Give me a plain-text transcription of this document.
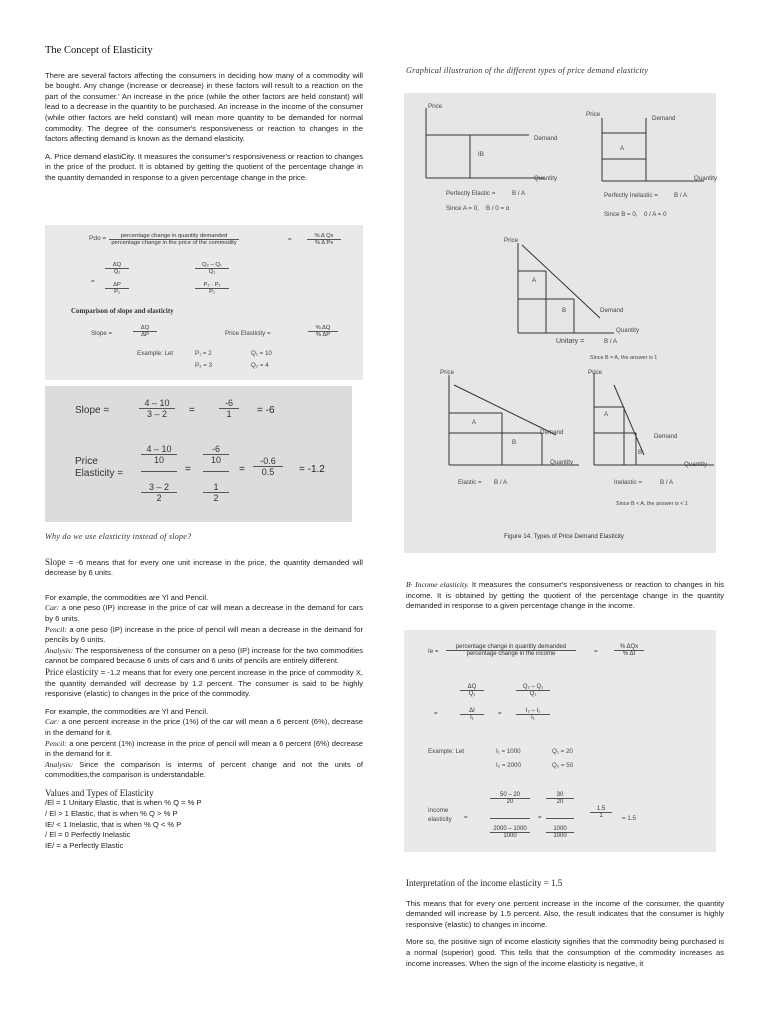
The Concept of Elasticity

There are several factors affecting the consumers in deciding how many of a commodity will be bought. Any change (increase or decrease) in these factors will result to a reaction on the part of the consumer.' An increase in the price (while the other factors are held constant) will lead to a decrease in the quantity to be purchased. An increase in the income of the consumer (while other factors are held constant) will mean more quantity to be demanded for normal commodity. The degree of the consumer's responsiveness or reaction to changes in the factors affecting demand is known as the demand elasticity.

A. Price demand elastiCity. It measures the consumer's responsiveness or reaction to changes in the price of the product. It is obtained by getting the quotient of the percentage change in the quantity demanded in response to a given percentage change in the price.

Pdo =	percentage change in quantity demanded
percentage change in the price of the commodity	=	$\frac{\text{\% Δ Qx}}{\text{\% Δ Px}}$
$\frac{\Delta Q}{\text{Q₁}}$
=
$\frac{\Delta P}{\text{P₁}}$
$\frac{\text{Q₂ – Q₁}}{\text{Q₁}}$
$\frac{\text{P₂ · P₁}}{\text{P₁}}$
Comparison of slope and elasticity
Slope =	$\frac{\Delta Q}{\Delta P}$	Price Elasticity =	$\frac{\% \Delta Q}{\% \Delta P}$
Example: Let	P₁ = 2
P₂ = 3
Q₁ = 10
Q₂ = 4
Slope =	$\frac{4 - 10}{3 - 2}$ =	$\frac{-6}{1} = -6$
Price
Elasticity =
$\frac{4 - 10}{10}$
$\frac{3 - 2}{2}$
=
$\frac{-6}{10}$
$\frac{1}{2}$
= $\frac{-0.6}{0.5} = -1.2$
Why do we use elasticity instead of slope?

Slope = -6 means that for every one unit increase in the price, the quantity demanded will decrease by 6 units.

For example, the commodities are Yl and Pencil.

Car: a one peso (IP) increase in the price of car will mean a decrease in the demand for cars by 6 units.

Pencil: a one peso (IP) increase in the price of pencil will mean a decrease in the demand for pencils by 6 units.

Analysis: The responsiveness of the consumer on a peso (IP) increase for the two commodities cannot be compared because 6 units of cars and 6 units of pencils are entirely different.

Price elasticity = -1.2 means that for every one percent increase in the price of commodity X, the quantity demanded will decrease by 1.2 percent. The consumer is said to be highly responsive (elastic) to changes in the price of the commodity.

For example, the commodities are Yl and Pencil.

Car: a one percent increase in the price (1%) of the car will mean a 6 percent (6%), decrease in the demand for it.

Pencil: a one percent (1%) increase in the price of pencil will mean a 6 percent (6%) decrease in the demand for it.

Analysis: Since the comparison is interms of percent change and not the units of commodities,the comparison is understandable.

Values and Types of Elasticity
/El = 1 Unitary Elastic, that is when % Q = % P
/ El > 1 Elastic, that is when % Q > % P
IE/ < 1 Inelastic, that is when % Q < % P
/ El = 0 Perfectly Inelastic
IE/ = a Perfectly Elastic
Graphical illustration of the different types of price demand elasticity
Price
Demand
IB
Quantity
Perfectly Elastic =	B / A
Since A = 0, B / 0 = α
Price
Demand
A
Quantity
Perfectly Inelastic =	B / A
Since B = 0, 0 / A = 0
Price
A
B	Demand
Quantity
Unitary =	B / A
Since B = A, the answer is 1
Price
A
B
Demand
Quantity
Elastic = B / A
Price
A
B
Demand
Quantity
Inelastic =	B / A
Since B < A, the answer is < 1
Figure 14. Types of Price Demand Elasticity

B· Income elasticity. It measures the consumer's responsiveness or reaction to changes in his income. It is obtained by getting the quotient of the percentage change in the quantity demanded in response to a given percentage change in the income.

Ie =
percentage change in quantity demanded
percentage change in the income	=
% ΔQx
% ΔI
$\frac{\Delta Q}{\text{Q₁}}$
=	$\frac{\Delta I}{\text{I₁}}$ =
$\frac{\text{Q₂ – Q₁}}{\text{Q₁}}$
$\frac{\text{I₂ – I₁}}{\text{I₁}}$
Example: Let	I₁ = 1000
I₂ = 2000
Q₁ = 20
Q₂ = 50
Income
elasticity =
$\frac{50 - 20}{20}$
$\frac{2000 - 1000}{1000}$
=
$\frac{30}{20}$
$\frac{1000}{1000}$
$\frac{1.5}{1} = 1.5$
Interpretation of the income elasticity = 1.5

This means that for every one percent increase in the income of the consumer, the quantity demanded will increase by 1.5 percent. Also, the result indicates that the consumer is highly responsive (elastic) to changes in income.

More so, the positive sign of income elasticity signifies that the commodity being purchased is a normal (superior) good. This tells that the consumption of the commodity increases as income increases. When the sign of the income elasticity is negative, it
